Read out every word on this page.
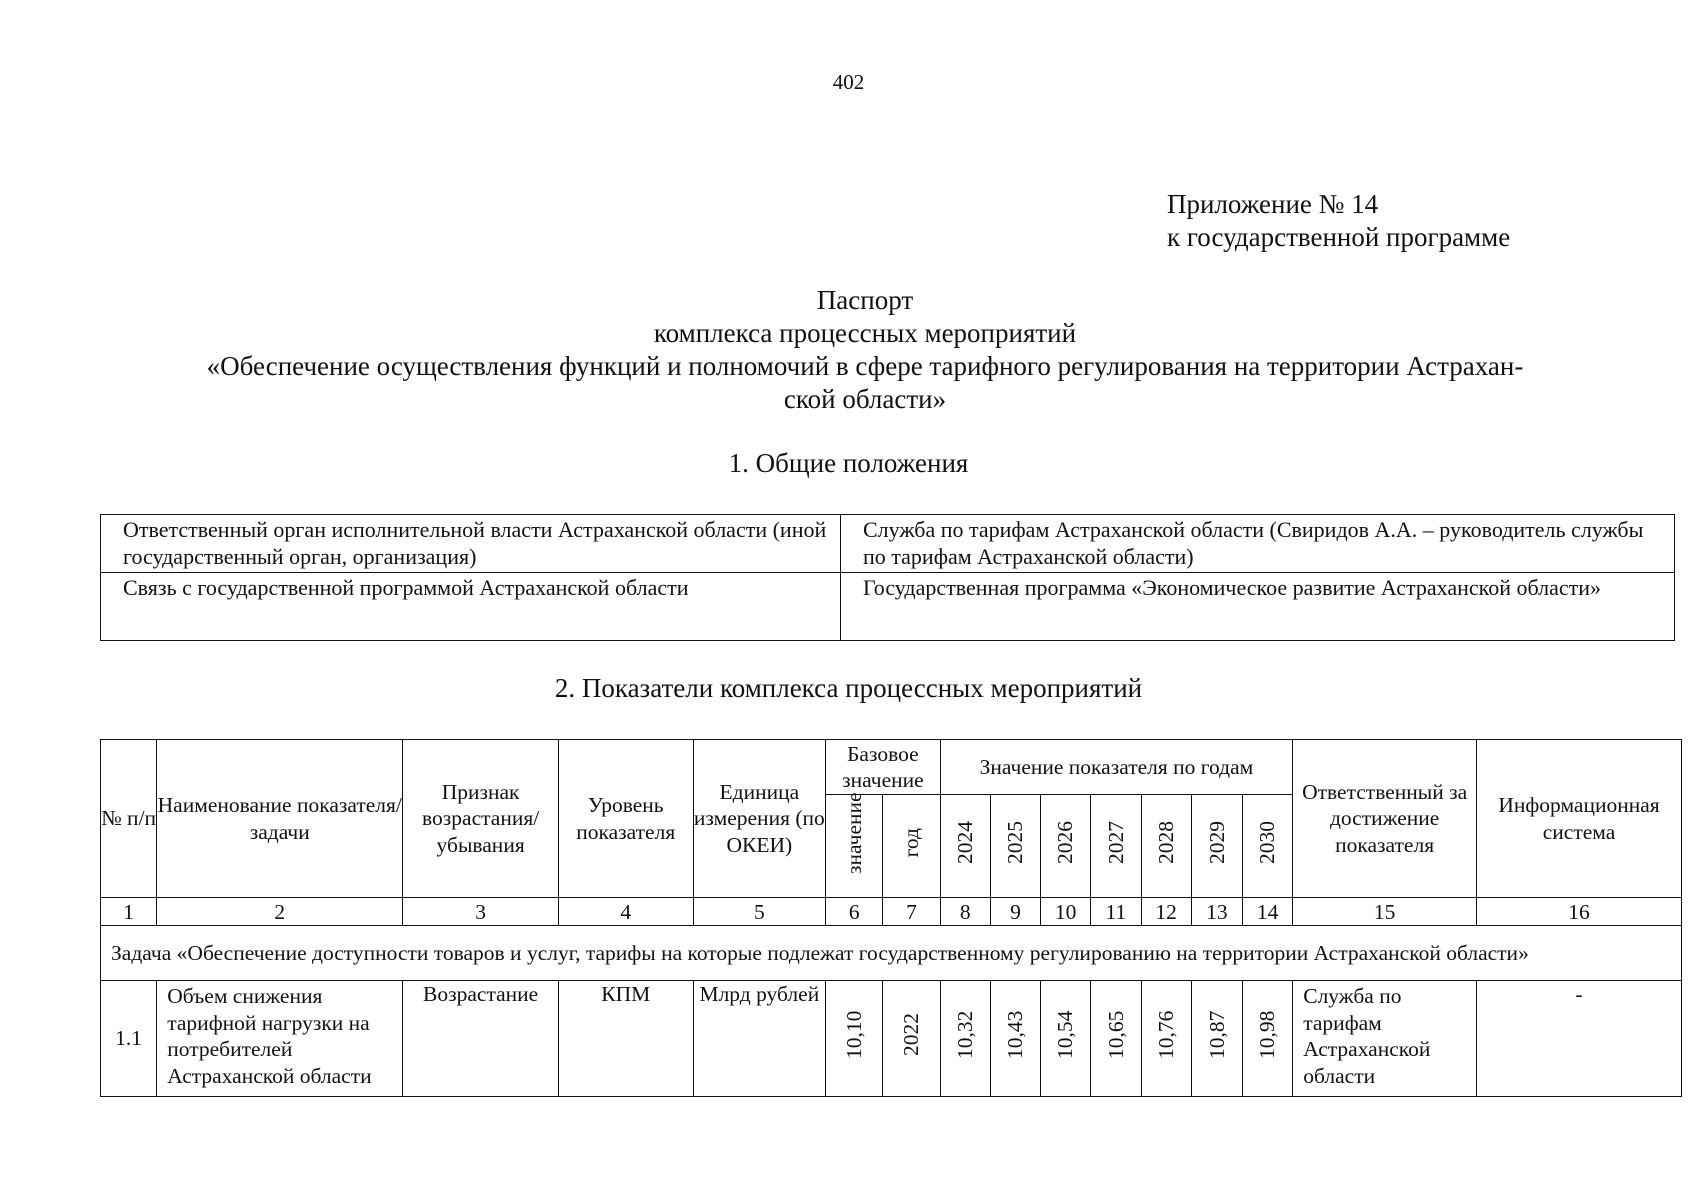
402
Приложение № 14
к государственной программе
Паспорт
комплекса процессных мероприятий
«Обеспечение осуществления функций и полномочий в сфере тарифного регулирования на территории Астрахан-
ской области»
1. Общие положения
Ответственный орган исполнительной власти Астраханской области (иной государственный орган, организация)	Служба по тарифам Астраханской области (Свиридов А.А. – руководитель службы по тарифам Астраханской области)
Связь с государственной программой Астраханской области	Государственная программа «Экономическое развитие Астраханской области»
2. Показатели комплекса процессных мероприятий
№ п/п	Наименование показателя/задачи	Признак возрастания/ убывания	Уровень показателя	Единица измерения (по ОКЕИ)	Базовое значение		Значение показателя по годам							Ответственный за достижение показателя	Информационная система
					значение	год	2024	2025	2026	2027	2028	2029	2030		
1	2	3	4	5	6	7	8	9	10	11	12	13	14	15	16
Задача «Обеспечение доступности товаров и услуг, тарифы на которые подлежат государственному регулированию на территории Астраханской области»															
1.1	Объем снижения тарифной нагрузки на потребителей Астраханской области	Возрастание	КПМ	Млрд рублей	10,10	2022	10,32	10,43	10,54	10,65	10,76	10,87	10,98	Служба по тарифам Астраханской области	-
